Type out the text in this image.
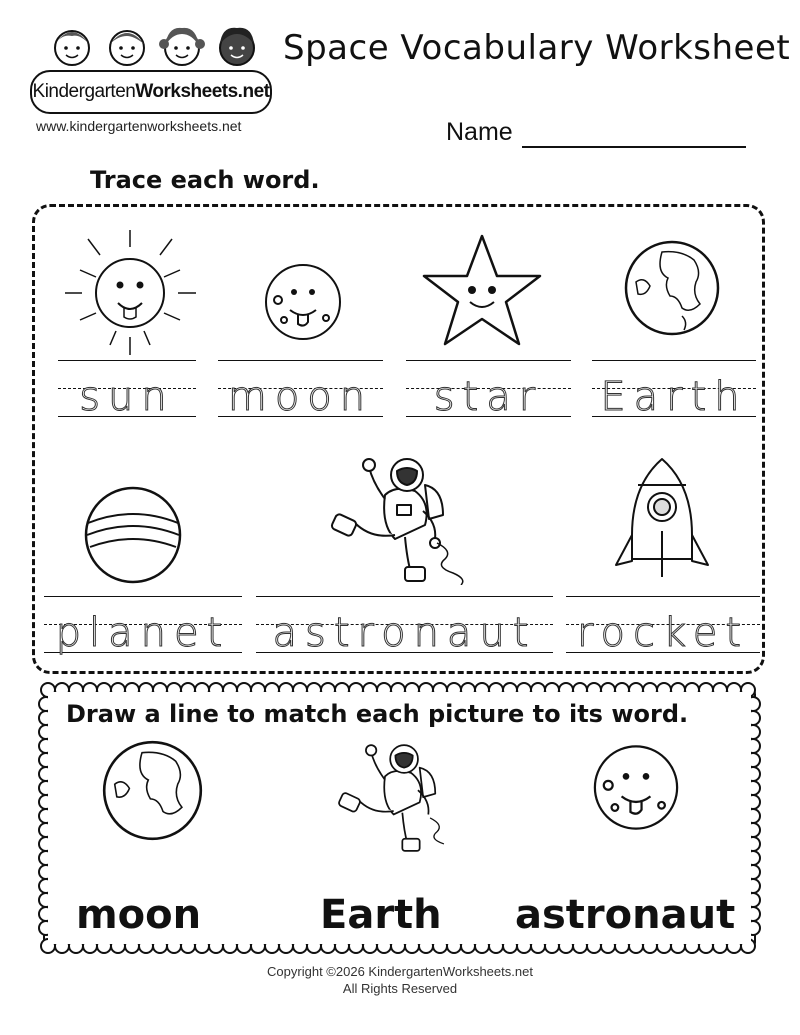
Kindergarten Worksheets.net
Space Vocabulary Worksheet
www.kindergartenworksheets.net	Name
Trace each word.
sun	moon	star	Earth
planet	astronaut	rocket
Draw a line to match each picture to its word.
moon	Earth astronaut
Copyright ©2026 KindergartenWorksheets.net
All Rights Reserved
